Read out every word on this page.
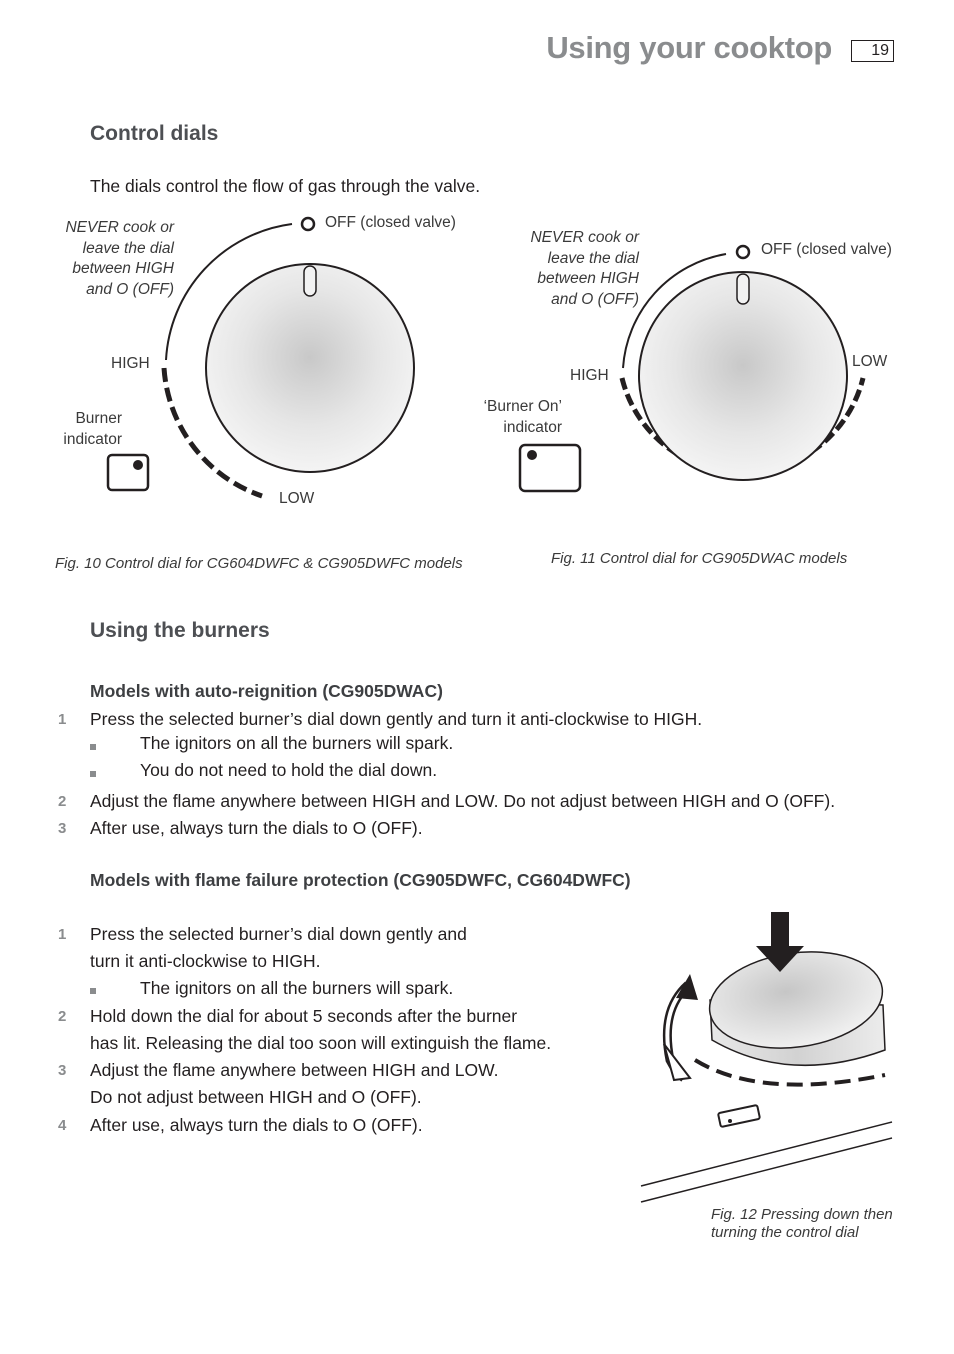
Using your cooktop	19
Control dials
The dials control the flow of gas through the valve.
NEVER cook or
leave the dial
between HIGH
and O (OFF)
OFF (closed valve)
HIGH
LOW
Burner
indicator
Fig. 10 Control dial for CG604DWFC & CG905DWFC models
NEVER cook or
leave the dial
between HIGH
and O (OFF)
OFF (closed valve)
HIGH
LOW
‘Burner On’
indicator
Fig. 11 Control dial for CG905DWAC models
Using the burners
Models with auto-reignition (CG905DWAC)
1	Press the selected burner’s dial down gently and turn it anti-clockwise to HIGH.
The ignitors on all the burners will spark.
You do not need to hold the dial down.
2	Adjust the flame anywhere between HIGH and LOW. Do not adjust between HIGH and O (OFF).
3	After use, always turn the dials to O (OFF).
Models with flame failure protection (CG905DWFC, CG604DWFC)
1	Press the selected burner’s dial down gently and
turn it anti-clockwise to HIGH.
The ignitors on all the burners will spark.
2	Hold down the dial for about 5 seconds after the burner
has lit. Releasing the dial too soon will extinguish the flame.
3	Adjust the flame anywhere between HIGH and LOW.
Do not adjust between HIGH and O (OFF).
4	After use, always turn the dials to O (OFF).
Fig. 12 Pressing down then
turning the control dial
